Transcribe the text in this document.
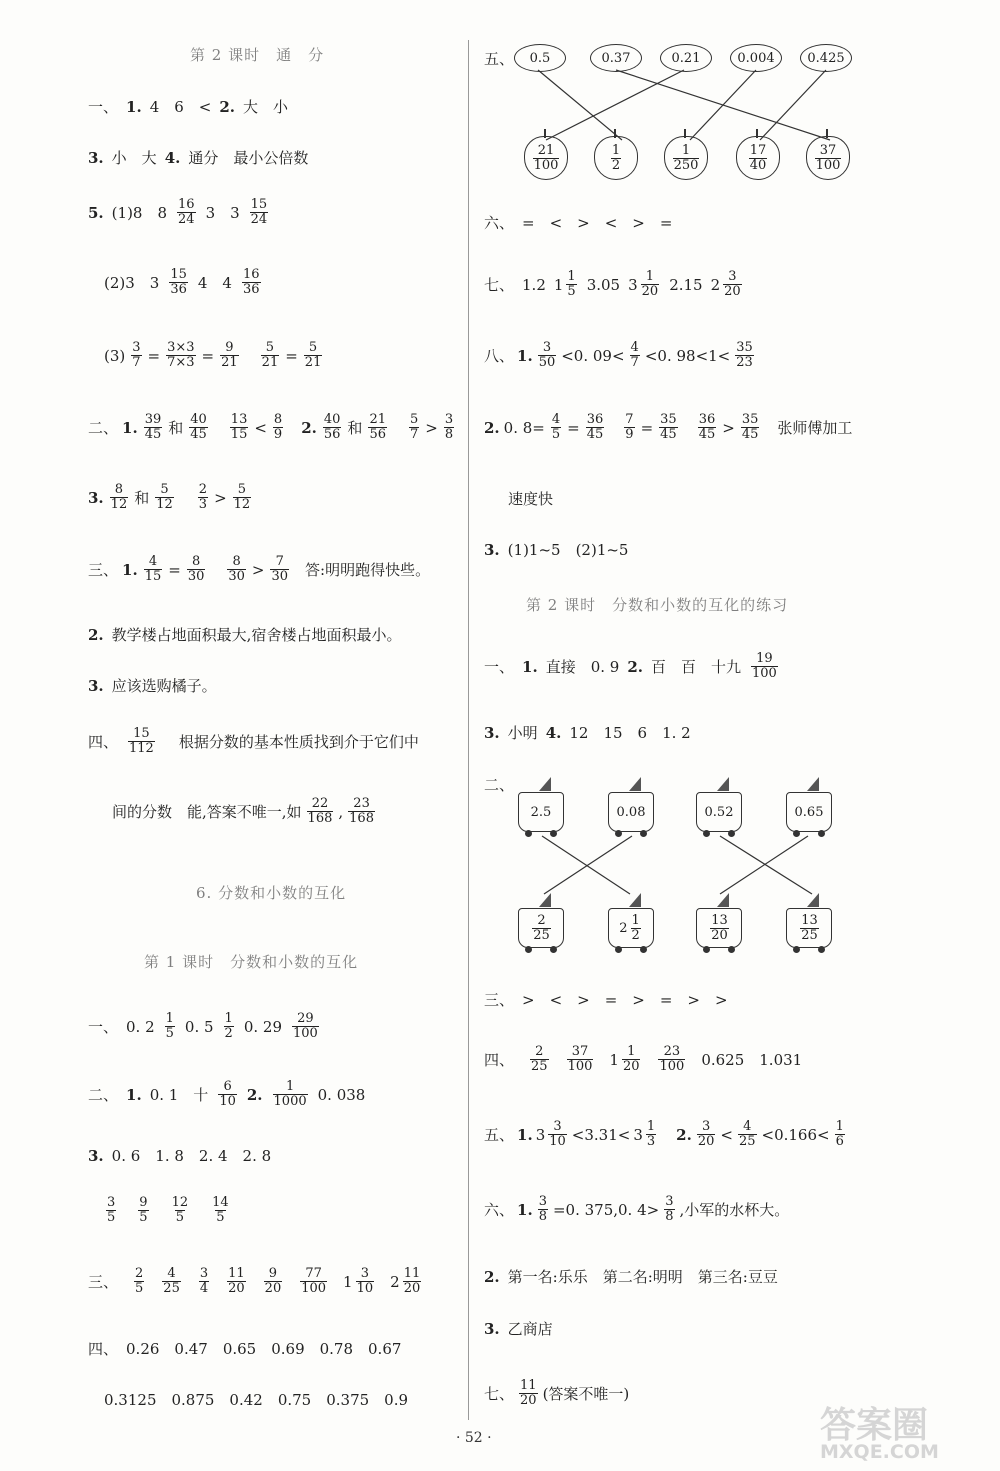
第 2 课时　通　分
一、 1. 4　6　< 2. 大　小
3. 小　大 4. 通分　最小公倍数
5. (1)8　8 16
24 3　3 15
24
(2)3　3 15
36 4　4 16
36
$(3) \frac{3}{7} = \frac{3\times 3}{7\times 3} = \frac{9}{21} \frac{5}{21} = \frac{5}{21}$
二、 1. 39
45 和 40
45
13
15 < 8
9 2. 40
56 和 21
56
5
7 > 3
8
3. 8
12 和 5
12
2
3 > 5
12
三、 1. $\frac{4}{15} = \frac{8}{30} 8$
30 > 7
30 答:明明跑得快些。
2. 教学楼占地面积最大,宿舍楼占地面积最小。
3. 应该选购橘子。
四、 15
112 根据分数的基本性质找到介于它们中
间的分数　能,答案不唯一,如 22
168 , 23
168
6. 分数和小数的互化
第 1 课时　分数和小数的互化
一、 0. 2 1
5 0. 5 1
2 0. 29 29
100
二、 1. 0. 1　十 6
10 2. 1
1000 0. 038
3. 0. 6　1. 8　2. 4　2. 8
3
5
9
5
12
5
14
5
三、 2
5
4
25
3
4
11
20
9
20
77
100 1 3
10 2 11
20
四、 0.26　0.47　0.65　0.69　0.78　0.67
0.3125　0.875　0.42　0.75　0.375　0.9
五、	0.5	0.37	0.21	0.004	0.425
21
100
1
2
1
250
17
40
37
100
六、 =　<　>　<　>　=
七、 1.2 1 1
5 3.05 3 1
20 2.15 2 3
20
八、 1. 3
50 <0. 09< 4
7 <0. 98<1< 35
23
2. 0. $8= \frac{4}{5} = \frac{36}{45} \frac{7}{9} = \frac{35}{45} 36$
45 > 35
45 张师傅加工
速度快
3. (1)1~5　(2)1~5
第 2 课时　分数和小数的互化的练习
一、 1. 直接　0. 9 2. 百　百　十九 19
100
3. 小明 4. 12　15　6　1. 2
二、
2.5	0.08	0.52	0.65
2
25	2
1
2
13
20
13
25
三、 >　<　>　=　>　=　>　>
四、 2
25
37
100 1 1
20
23
100 0.625　1.031
五、 1. 3 3
10 <3.31< 3 1
3 2. 3
20 < 4
25 <0.166< 1
6
六、 1. $\frac{3}{8} =0$. 375,0. 4> 3
8 ,小军的水杯大。
2. 第一名:乐乐　第二名:明明　第三名:豆豆
3. 乙商店
七、 11
20 (答案不唯一)
· 52 ·	答案圈
MXQE.COM
